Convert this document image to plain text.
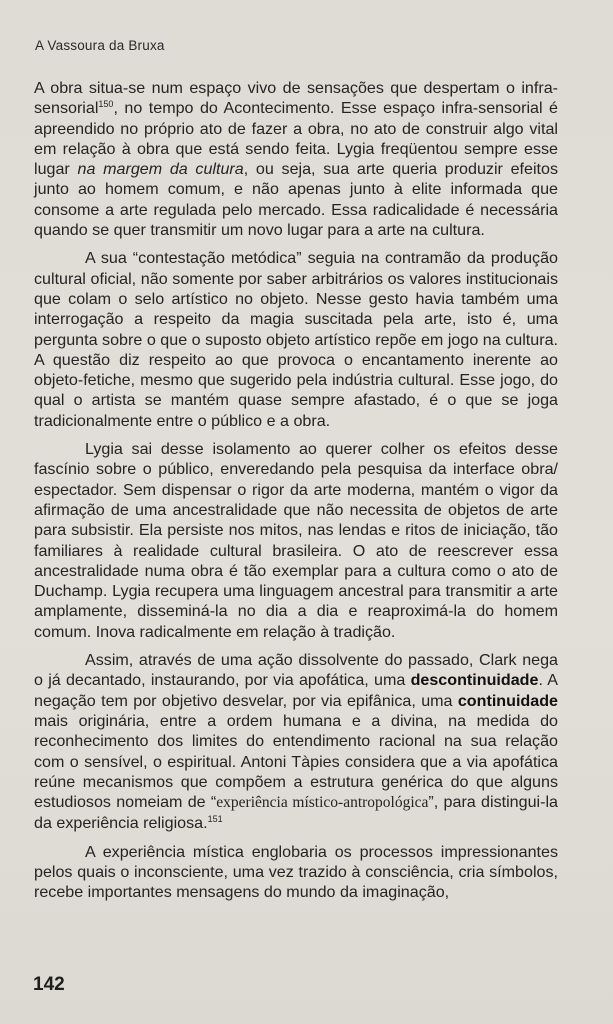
A Vassoura da Bruxa

A obra situa-se num espaço vivo de sensações que despertam o infra-sensorial$^{150}$, no tempo do Acontecimento. Esse espaço infra-sensorial é apreendido no próprio ato de fazer a obra, no ato de construir algo vital em relação à obra que está sendo feita. Lygia freqüentou sempre esse lugar na margem da cultura, ou seja, sua arte queria produzir efeitos junto ao homem comum, e não apenas junto à elite informada que consome a arte regulada pelo mercado. Essa radicalidade é necessária quando se quer transmitir um novo lugar para a arte na cultura.

A sua “contestação metódica” seguia na contramão da produção cultural oficial, não somente por saber arbitrários os valores institucionais que colam o selo artístico no objeto. Nesse gesto havia também uma interrogação a respeito da magia suscitada pela arte, isto é, uma pergunta sobre o que o suposto objeto artístico repõe em jogo na cultura. A questão diz respeito ao que provoca o encantamento inerente ao objeto-fetiche, mesmo que sugerido pela indústria cultural. Esse jogo, do qual o artista se mantém quase sempre afastado, é o que se joga tradicionalmente entre o público e a obra.

Lygia sai desse isolamento ao querer colher os efeitos desse fascínio sobre o público, enveredando pela pesquisa da interface obra/ espectador. Sem dispensar o rigor da arte moderna, mantém o vigor da afirmação de uma ancestralidade que não necessita de objetos de arte para subsistir. Ela persiste nos mitos, nas lendas e ritos de iniciação, tão familiares à realidade cultural brasileira. O ato de reescrever essa ancestralidade numa obra é tão exemplar para a cultura como o ato de Duchamp. Lygia recupera uma linguagem ancestral para transmitir a arte amplamente, disseminá-la no dia a dia e reaproximá-la do homem comum. Inova radicalmente em relação à tradição.

Assim, através de uma ação dissolvente do passado, Clark nega o já decantado, instaurando, por via apofática, uma descontinuidade. A negação tem por objetivo desvelar, por via epifânica, uma continuidade mais originária, entre a ordem humana e a divina, na medida do reconhecimento dos limites do entendimento racional na sua relação com o sensível, o espiritual. Antoni Tàpies considera que a via apofática reúne mecanismos que compõem a estrutura genérica do que alguns estudiosos nomeiam de “experiência místico-antropológica”, para distingui-la da experiência religiosa.$^{151}$

A experiência mística englobaria os processos impressionantes pelos quais o inconsciente, uma vez trazido à consciência, cria símbolos, recebe importantes mensagens do mundo da imaginação,

142
